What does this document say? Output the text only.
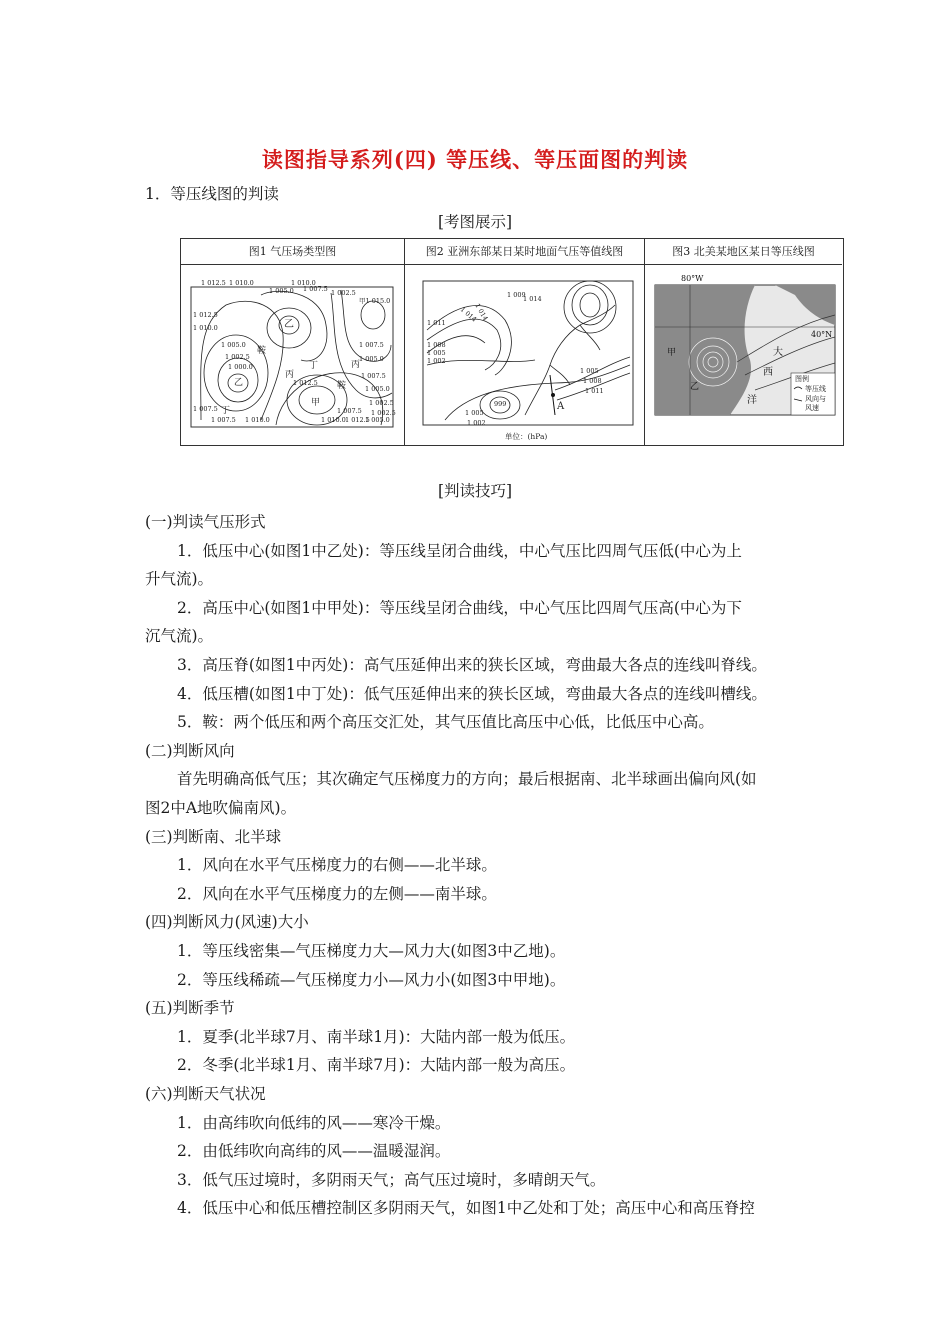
读图指导系列(四) 等压线、等压面图的判读
1．等压线图的判读
[考图展示]
图1 气压场类型图
1 012.5 1 010.0	1 010.0
1 007.5
1 005.0	1 002.5
甲1 015.0
1 012.5
1 010.0	乙
1 005.0
1 002.5
1 000.0
鞍
丁	丙
1 007.5
1 005.0
乙	1 012.5
1 007.5
1 005.0
丙
鞍
1 002.5
1 007.5 丁
甲
1 007.5 1 010.0
1 007.5
1 010.0 1 012.5
1 005.0
1 002.5
图2 亚洲东部某日某时地面气压等值线图
1 014
1 014
1 011
1 008
1 005
1 002
1 009
1 014
1 005
1 008
1 011
999
1 002
1 005
A
单位：(hPa)
图3 北美某地区某日等压线图
80°W
40°N
大
西
洋
甲
乙
图例
等压线
风向与
风速
[判读技巧]
(一)判读气压形式
1．低压中心(如图1中乙处)：等压线呈闭合曲线，中心气压比四周气压低(中心为上
升气流)。
2．高压中心(如图1中甲处)：等压线呈闭合曲线，中心气压比四周气压高(中心为下
沉气流)。
3．高压脊(如图1中丙处)：高气压延伸出来的狭长区域，弯曲最大各点的连线叫脊线。
4．低压槽(如图1中丁处)：低气压延伸出来的狭长区域，弯曲最大各点的连线叫槽线。
5．鞍：两个低压和两个高压交汇处，其气压值比高压中心低，比低压中心高。
(二)判断风向
首先明确高低气压；其次确定气压梯度力的方向；最后根据南、北半球画出偏向风(如
图2中A地吹偏南风)。
(三)判断南、北半球
1．风向在水平气压梯度力的右侧——北半球。
2．风向在水平气压梯度力的左侧——南半球。
(四)判断风力(风速)大小
1．等压线密集—气压梯度力大—风力大(如图3中乙地)。
2．等压线稀疏—气压梯度力小—风力小(如图3中甲地)。
(五)判断季节
1．夏季(北半球7月、南半球1月)：大陆内部一般为低压。
2．冬季(北半球1月、南半球7月)：大陆内部一般为高压。
(六)判断天气状况
1．由高纬吹向低纬的风——寒冷干燥。
2．由低纬吹向高纬的风——温暖湿润。
3．低气压过境时，多阴雨天气；高气压过境时，多晴朗天气。
4．低压中心和低压槽控制区多阴雨天气，如图1中乙处和丁处；高压中心和高压脊控
